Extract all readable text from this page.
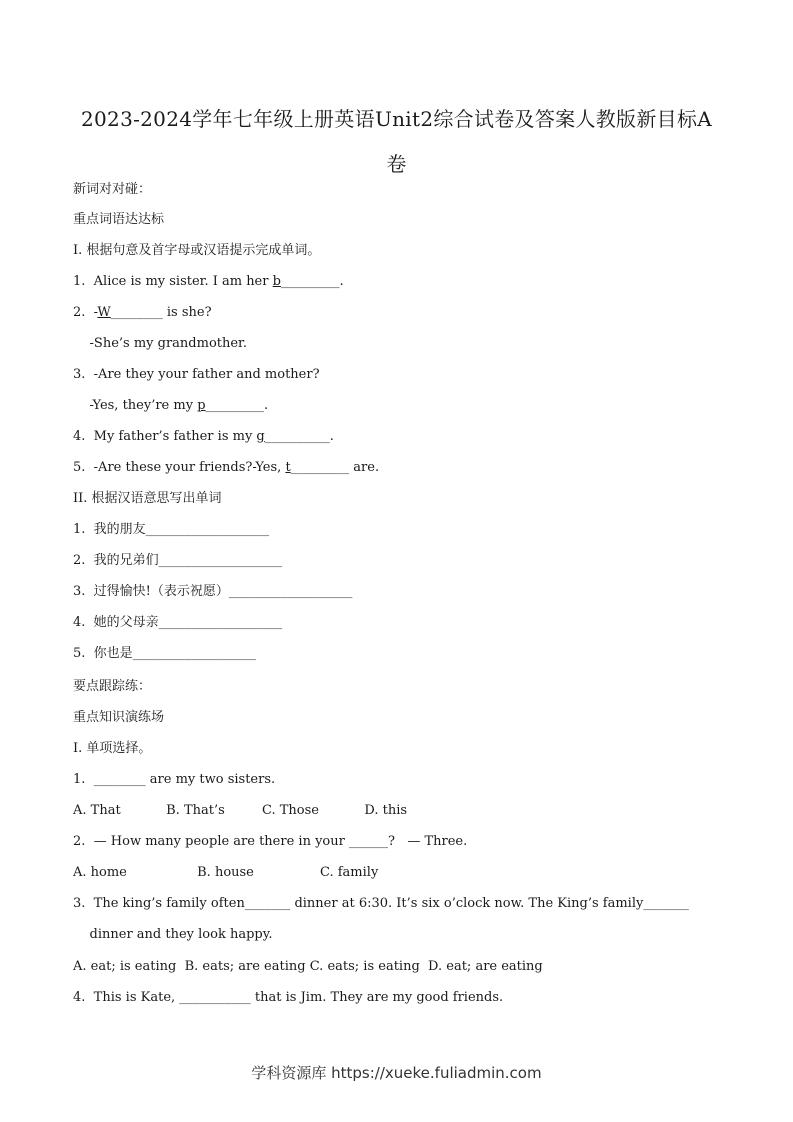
2023-2024学年七年级上册英语Unit2综合试卷及答案人教版新目标A
卷
新词对对碰：
重点词语达达标
I. 根据句意及首字母或汉语提示完成单词。
1.  Alice is my sister. I am her b_________.
2.  -W________ is she?
-She’s my grandmother.
3.  -Are they your father and mother?
-Yes, they’re my p_________.
4.  My father’s father is my g__________.
5.  -Are these your friends?-Yes, t_________ are.
II. 根据汉语意思写出单词
1.  我的朋友___________________
2.  我的兄弟们___________________
3.  过得愉快!（表示祝愿）___________________
4.  她的父母亲___________________
5.  你也是___________________
要点跟踪练：
重点知识演练场
I. 单项选择。
1.  ________ are my two sisters.
A. That           B. That’s         C. Those           D. this
2.  — How many people are there in your ______?   — Three.
A. home                 B. house                C. family
3.  The king’s family often_______ dinner at 6:30. It’s six o’clock now. The King’s family_______
dinner and they look happy.
A. eat; is eating  B. eats; are eating C. eats; is eating  D. eat; are eating
4.  This is Kate, ___________ that is Jim. They are my good friends.
学科资源库 https://xueke.fuliadmin.com
